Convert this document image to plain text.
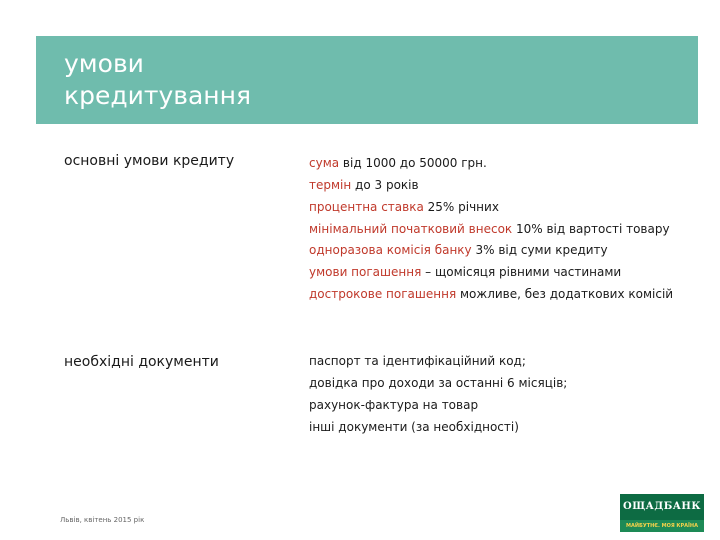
умови
кредитування
основні умови кредиту	сума від 1000 до 50000 грн.
термін до 3 років
процентна ставка 25% річних
мінімальний початковий внесок 10% від вартості товару
одноразова комісія банку 3% від суми кредиту
умови погашення – щомісяця рівними частинами
дострокове погашення можливе, без додаткових комісій
необхідні документи	паспорт та ідентифікаційний код;
довідка про доходи за останні 6 місяців;
рахунок-фактура на товар
інші документи (за необхідності)
Львів, квітень 2015 рік
ОЩАДБАНК
МАЙБУТНЄ. МОЯ КРАЇНА
